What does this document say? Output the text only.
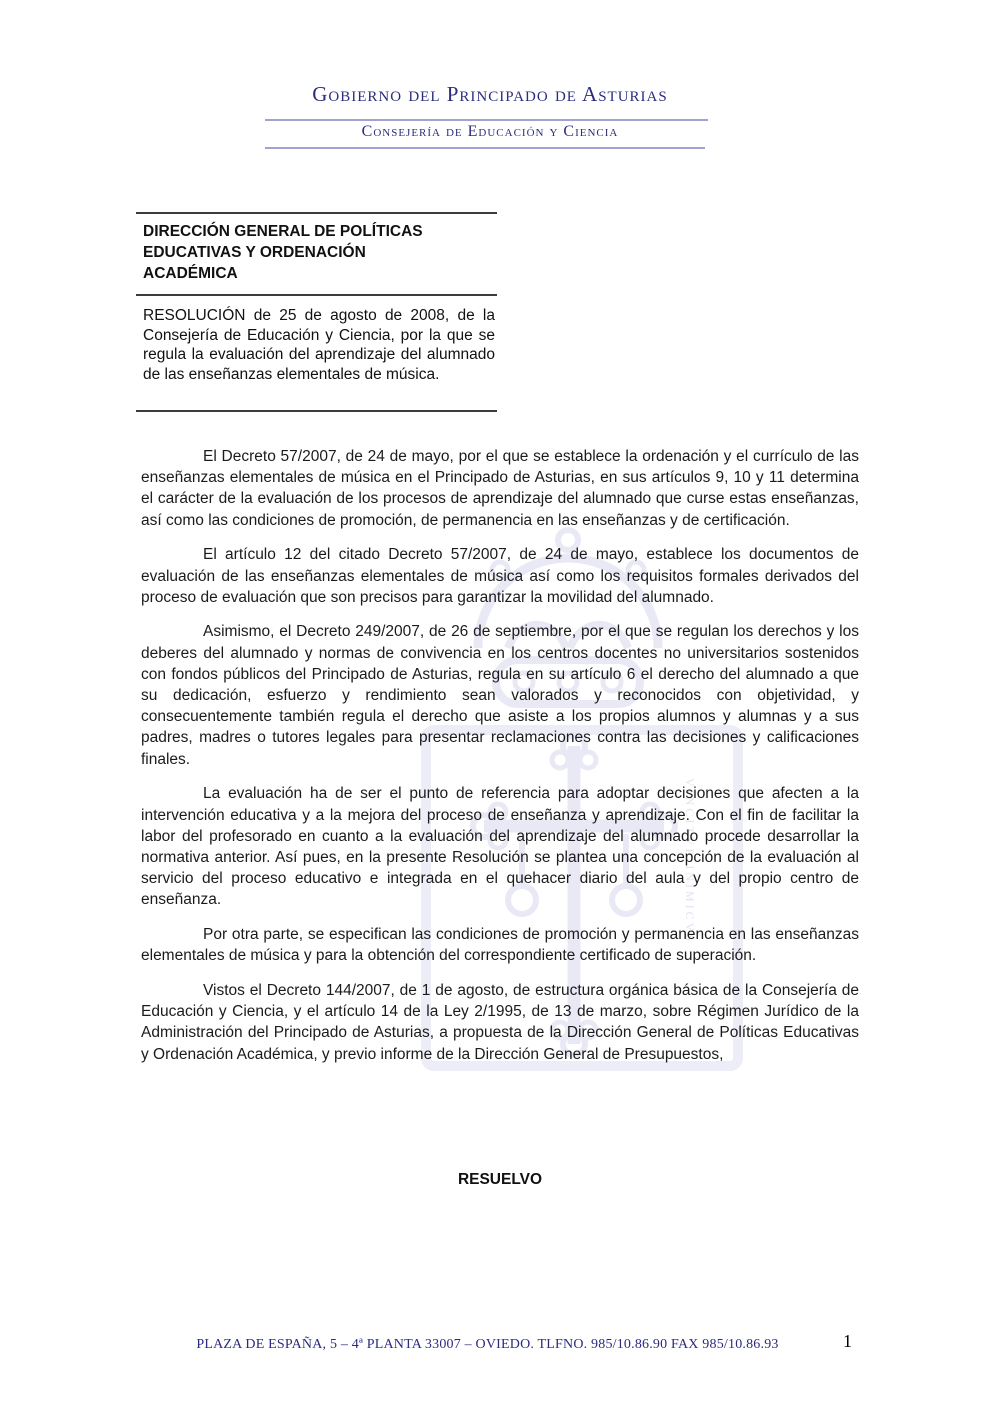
VINCITVR INIMICVS
Gobierno del Principado de Asturias
Consejería de Educación y Ciencia
DIRECCIÓN GENERAL DE POLÍTICAS
EDUCATIVAS Y ORDENACIÓN
ACADÉMICA
RESOLUCIÓN de 25 de agosto de 2008, de la Consejería de Educación y Ciencia, por la que se regula la evaluación del aprendizaje del alumnado de las enseñanzas elementales de música.

El Decreto 57/2007, de 24 de mayo, por el que se establece la ordenación y el currículo de las enseñanzas elementales de música en el Principado de Asturias, en sus artículos 9, 10 y 11 determina el carácter de la evaluación de los procesos de aprendizaje del alumnado que curse estas enseñanzas, así como las condiciones de promoción, de permanencia en las enseñanzas y de certificación.

El artículo 12 del citado Decreto 57/2007, de 24 de mayo, establece los documentos de evaluación de las enseñanzas elementales de música así como los requisitos formales derivados del proceso de evaluación que son precisos para garantizar la movilidad del alumnado.

Asimismo, el Decreto 249/2007, de 26 de septiembre, por el que se regulan los derechos y los deberes del alumnado y normas de convivencia en los centros docentes no universitarios sostenidos con fondos públicos del Principado de Asturias, regula en su artículo 6 el derecho del alumnado a que su dedicación, esfuerzo y rendimiento sean valorados y reconocidos con objetividad, y consecuentemente también regula el derecho que asiste a los propios alumnos y alumnas y a sus padres, madres o tutores legales para presentar reclamaciones contra las decisiones y calificaciones finales.

La evaluación ha de ser el punto de referencia para adoptar decisiones que afecten a la intervención educativa y a la mejora del proceso de enseñanza y aprendizaje. Con el fin de facilitar la labor del profesorado en cuanto a la evaluación del aprendizaje del alumnado procede desarrollar la normativa anterior. Así pues, en la presente Resolución se plantea una concepción de la evaluación al servicio del proceso educativo e integrada en el quehacer diario del aula y del propio centro de enseñanza.

Por otra parte, se especifican las condiciones de promoción y permanencia en las enseñanzas elementales de música y para la obtención del correspondiente certificado de superación.

Vistos el Decreto 144/2007, de 1 de agosto, de estructura orgánica básica de la Consejería de Educación y Ciencia, y el artículo 14 de la Ley 2/1995, de 13 de marzo, sobre Régimen Jurídico de la Administración del Principado de Asturias, a propuesta de la Dirección General de Políticas Educativas y Ordenación Académica, y previo informe de la Dirección General de Presupuestos,

RESUELVO
PLAZA DE ESPAÑA, 5 – 4ª PLANTA 33007 – OVIEDO. TLFNO. 985/10.86.90 FAX 985/10.86.93	1
